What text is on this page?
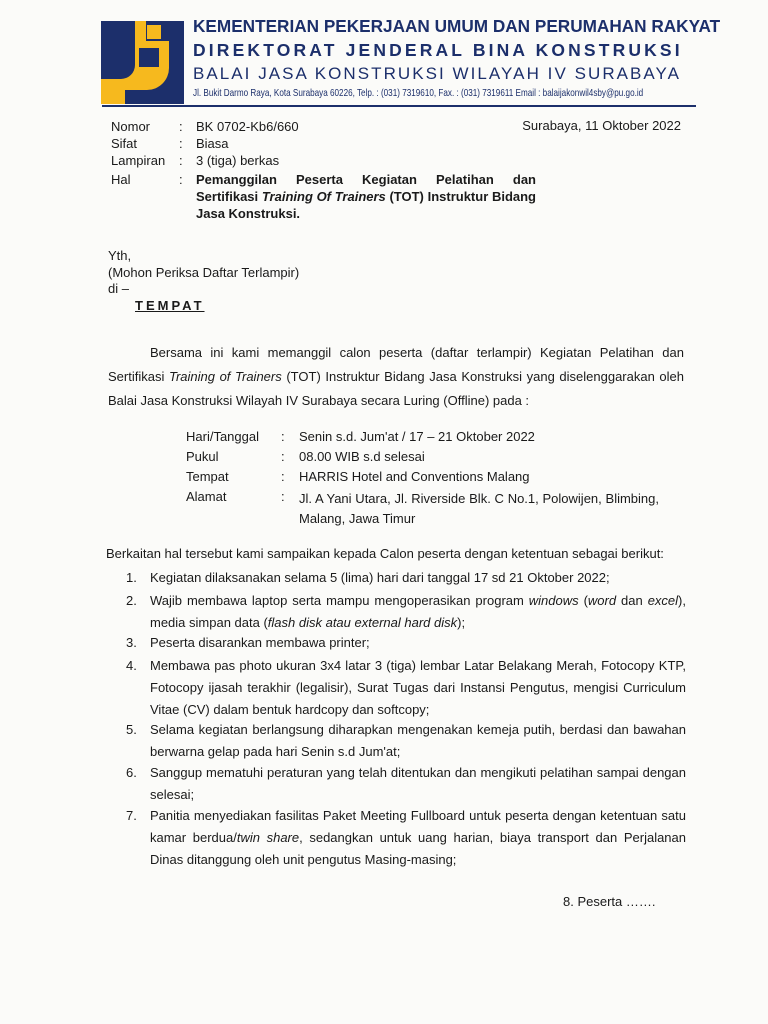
KEMENTERIAN PEKERJAAN UMUM DAN PERUMAHAN RAKYAT
DIREKTORAT JENDERAL BINA KONSTRUKSI
BALAI JASA KONSTRUKSI WILAYAH IV SURABAYA
Jl. Bukit Darmo Raya, Kota Surabaya 60226, Telp. : (031) 7319610, Fax. : (031) 7319611 Email : balaijakonwil4sby@pu.go.id
Nomor : BK 0702-Kb6/660
Sifat	: Biasa
Lampiran : 3 (tiga) berkas
Hal	: Pemanggilan Peserta Kegiatan Pelatihan dan Sertifikasi Training Of Trainers (TOT) Instruktur Bidang Jasa Konstruksi.
Surabaya, 11 Oktober 2022
Yth,
(Mohon Periksa Daftar Terlampir)
di –
TEMPAT
Bersama ini kami memanggil calon peserta (daftar terlampir) Kegiatan Pelatihan dan Sertifikasi Training of Trainers (TOT) Instruktur Bidang Jasa Konstruksi yang diselenggarakan oleh Balai Jasa Konstruksi Wilayah IV Surabaya secara Luring (Offline) pada :
Hari/Tanggal : Senin s.d. Jum'at / 17 – 21 Oktober 2022
Pukul	: 08.00 WIB s.d selesai
Tempat	: HARRIS Hotel and Conventions Malang
Alamat	: Jl. A Yani Utara, Jl. Riverside Blk. C No.1, Polowijen, Blimbing, Malang, Jawa Timur
Berkaitan hal tersebut kami sampaikan kepada Calon peserta dengan ketentuan sebagai berikut:
1. Kegiatan dilaksanakan selama 5 (lima) hari dari tanggal 17 sd 21 Oktober 2022;
2. Wajib membawa laptop serta mampu mengoperasikan program windows (word dan excel), media simpan data (flash disk atau external hard disk);
3. Peserta disarankan membawa printer;
4. Membawa pas photo ukuran 3x4 latar 3 (tiga) lembar Latar Belakang Merah, Fotocopy KTP, Fotocopy ijasah terakhir (legalisir), Surat Tugas dari Instansi Pengutus, mengisi Curriculum Vitae (CV) dalam bentuk hardcopy dan softcopy;
5. Selama kegiatan berlangsung diharapkan mengenakan kemeja putih, berdasi dan bawahan berwarna gelap pada hari Senin s.d Jum'at;
6. Sanggup mematuhi peraturan yang telah ditentukan dan mengikuti pelatihan sampai dengan selesai;
7. Panitia menyediakan fasilitas Paket Meeting Fullboard untuk peserta dengan ketentuan satu kamar berdua/twin share, sedangkan untuk uang harian, biaya transport dan Perjalanan Dinas ditanggung oleh unit pengutus Masing-masing;
8. Peserta …….
